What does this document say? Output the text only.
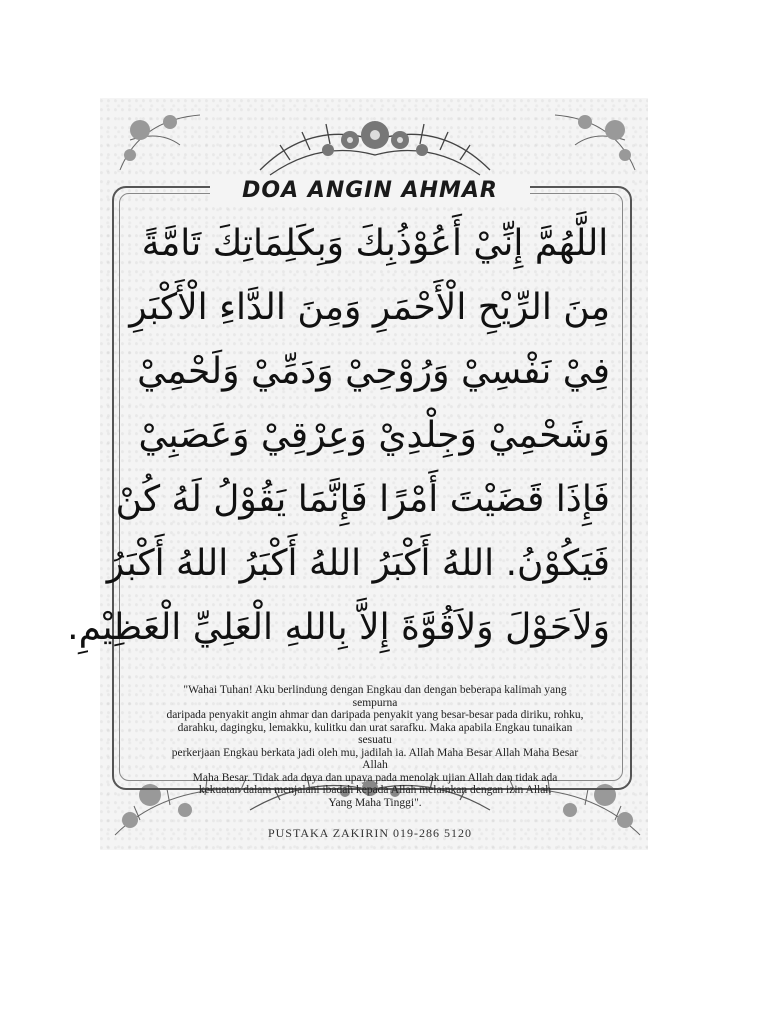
DOA ANGIN AHMAR
اللَّهُمَّ إِنِّيْ أَعُوْذُبِكَ وَبِكَلِمَاتِكَ تَامَّةً
مِنَ الرِّيْحِ الْأَحْمَرِ وَمِنَ الدَّاءِ الْأَكْبَرِ
فِيْ نَفْسِيْ وَرُوْحِيْ وَدَمِّيْ وَلَحْمِيْ
وَشَحْمِيْ وَجِلْدِيْ وَعِرْقِيْ وَعَصَبِيْ
فَإِذَا قَضَيْتَ أَمْرًا فَإِنَّمَا يَقُوْلُ لَهُ كُنْ
فَيَكُوْنُ. اللهُ أَكْبَرُ اللهُ أَكْبَرُ اللهُ أَكْبَرُ
وَلاَحَوْلَ وَلاَقُوَّةَ إِلاَّ بِاللهِ الْعَلِيِّ الْعَظِيْمِ.
"Wahai Tuhan! Aku berlindung dengan Engkau dan dengan beberapa kalimah yang sempurna
daripada penyakit angin ahmar dan daripada penyakit yang besar-besar pada diriku, rohku,
darahku, dagingku, lemakku, kulitku dan urat sarafku. Maka apabila Engkau tunaikan sesuatu
perkerjaan Engkau berkata jadi oleh mu, jadilah ia. Allah Maha Besar Allah Maha Besar Allah
Maha Besar. Tidak ada daya dan upaya pada menolak ujian Allah dan tidak ada
kekuatan dalam menjalani ibadah kepada Allah melainkan dengan izin Allah
Yang Maha Tinggi".
PUSTAKA ZAKIRIN 019-286 5120
